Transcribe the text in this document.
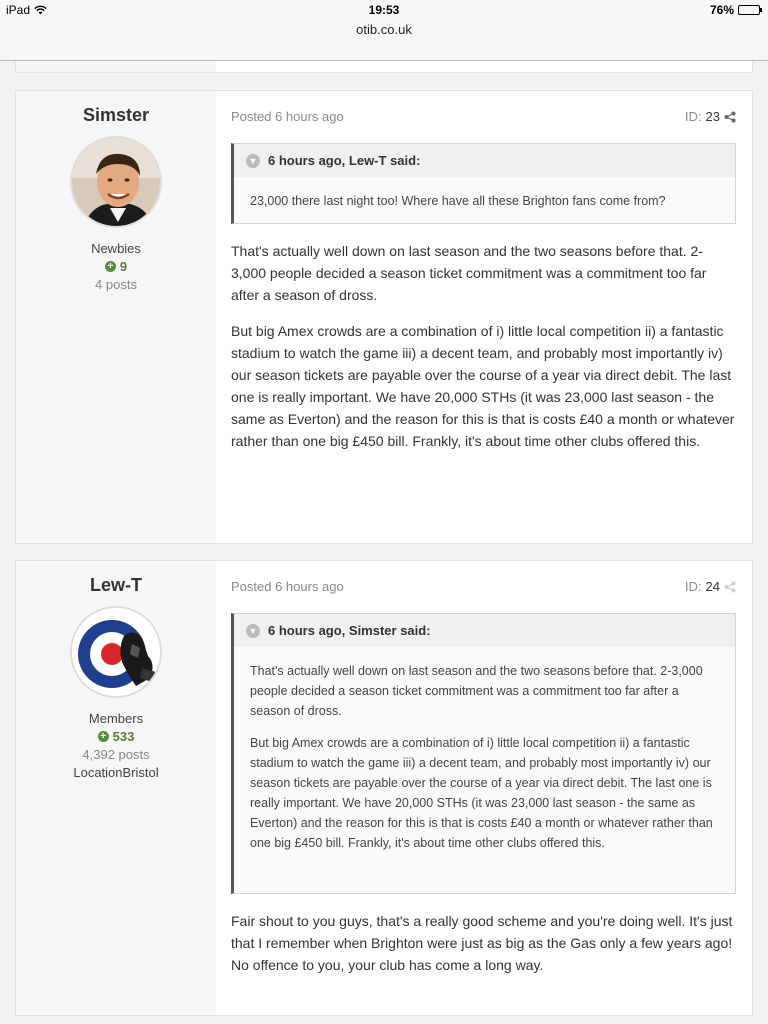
iPad	19:53	76%
otib.co.uk
Simster
Newbies
+ 9
4 posts
Posted 6 hours ago	ID: 23
▼ 6 hours ago, Lew-T said:

23,000 there last night too! Where have all these Brighton fans come from?

That's actually well down on last season and the two seasons before that. 2-3,000 people decided a season ticket commitment was a commitment too far after a season of dross.

But big Amex crowds are a combination of i) little local competition ii) a fantastic stadium to watch the game iii) a decent team, and probably most importantly iv) our season tickets are payable over the course of a year via direct debit. The last one is really important. We have 20,000 STHs (it was 23,000 last season - the same as Everton) and the reason for this is that is costs £40 a month or whatever rather than one big £450 bill. Frankly, it's about time other clubs offered this.

Lew-T
Members
+ 533
4,392 posts
LocationBristol
Posted 6 hours ago	ID: 24
▼ 6 hours ago, Simster said:

That's actually well down on last season and the two seasons before that. 2-3,000 people decided a season ticket commitment was a commitment too far after a season of dross.

But big Amex crowds are a combination of i) little local competition ii) a fantastic stadium to watch the game iii) a decent team, and probably most importantly iv) our season tickets are payable over the course of a year via direct debit. The last one is really important. We have 20,000 STHs (it was 23,000 last season - the same as Everton) and the reason for this is that is costs £40 a month or whatever rather than one big £450 bill. Frankly, it's about time other clubs offered this.

Fair shout to you guys, that's a really good scheme and you're doing well. It's just that I remember when Brighton were just as big as the Gas only a few years ago! No offence to you, your club has come a long way.
